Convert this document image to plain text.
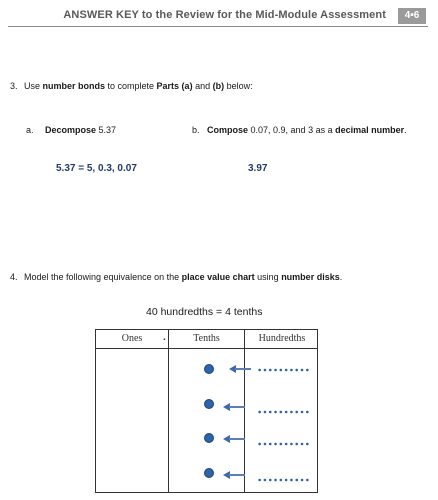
ANSWER KEY to the Review for the Mid-Module Assessment	4•6
3. Use number bonds to complete Parts (a) and (b) below:
a. Decompose 5.37	b. Compose 0.07, 0.9, and 3 as a decimal number.
5.37 = 5, 0.3, 0.07	3.97
4. Model the following equivalence on the place value chart using number disks.
40 hundredths = 4 tenths
Ones	.	Tenths	Hundredths
